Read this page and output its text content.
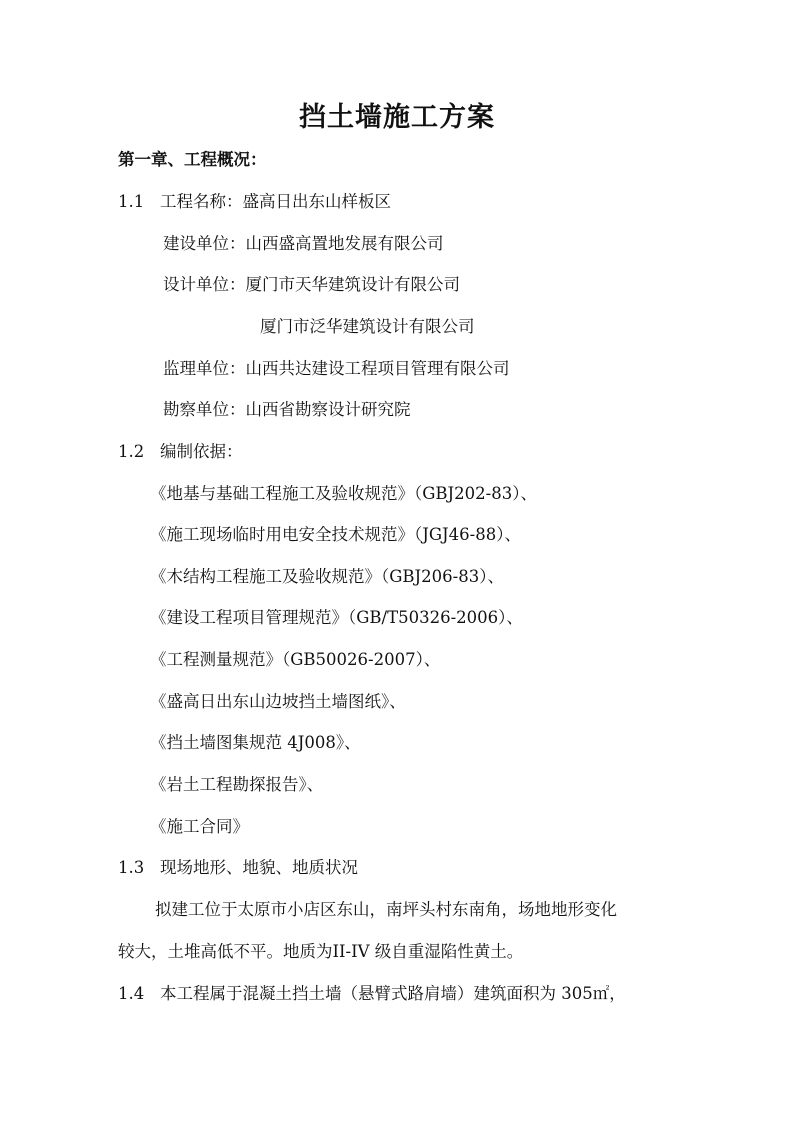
挡土墙施工方案
第一章、工程概况：
1.1 工程名称：盛高日出东山样板区
建设单位：山西盛高置地发展有限公司
设计单位：厦门市天华建筑设计有限公司
厦门市泛华建筑设计有限公司
监理单位：山西共达建设工程项目管理有限公司
勘察单位：山西省勘察设计研究院
1.2 编制依据：
《地基与基础工程施工及验收规范》（GBJ202-83）、
《施工现场临时用电安全技术规范》（JGJ46-88）、
《木结构工程施工及验收规范》（GBJ206-83）、
《建设工程项目管理规范》（GB/T50326-2006）、
《工程测量规范》（GB50026-2007）、
《盛高日出东山边坡挡土墙图纸》、
《挡土墙图集规范 4J008》、
《岩土工程勘探报告》、
《施工合同》
1.3 现场地形、地貌、地质状况
拟建工位于太原市小店区东山，南坪头村东南角，场地地形变化
较大，土堆高低不平。地质为II-IV 级自重湿陷性黄土。
1.4 本工程属于混凝土挡土墙（悬臂式路肩墙）建筑面积为 305㎡，
